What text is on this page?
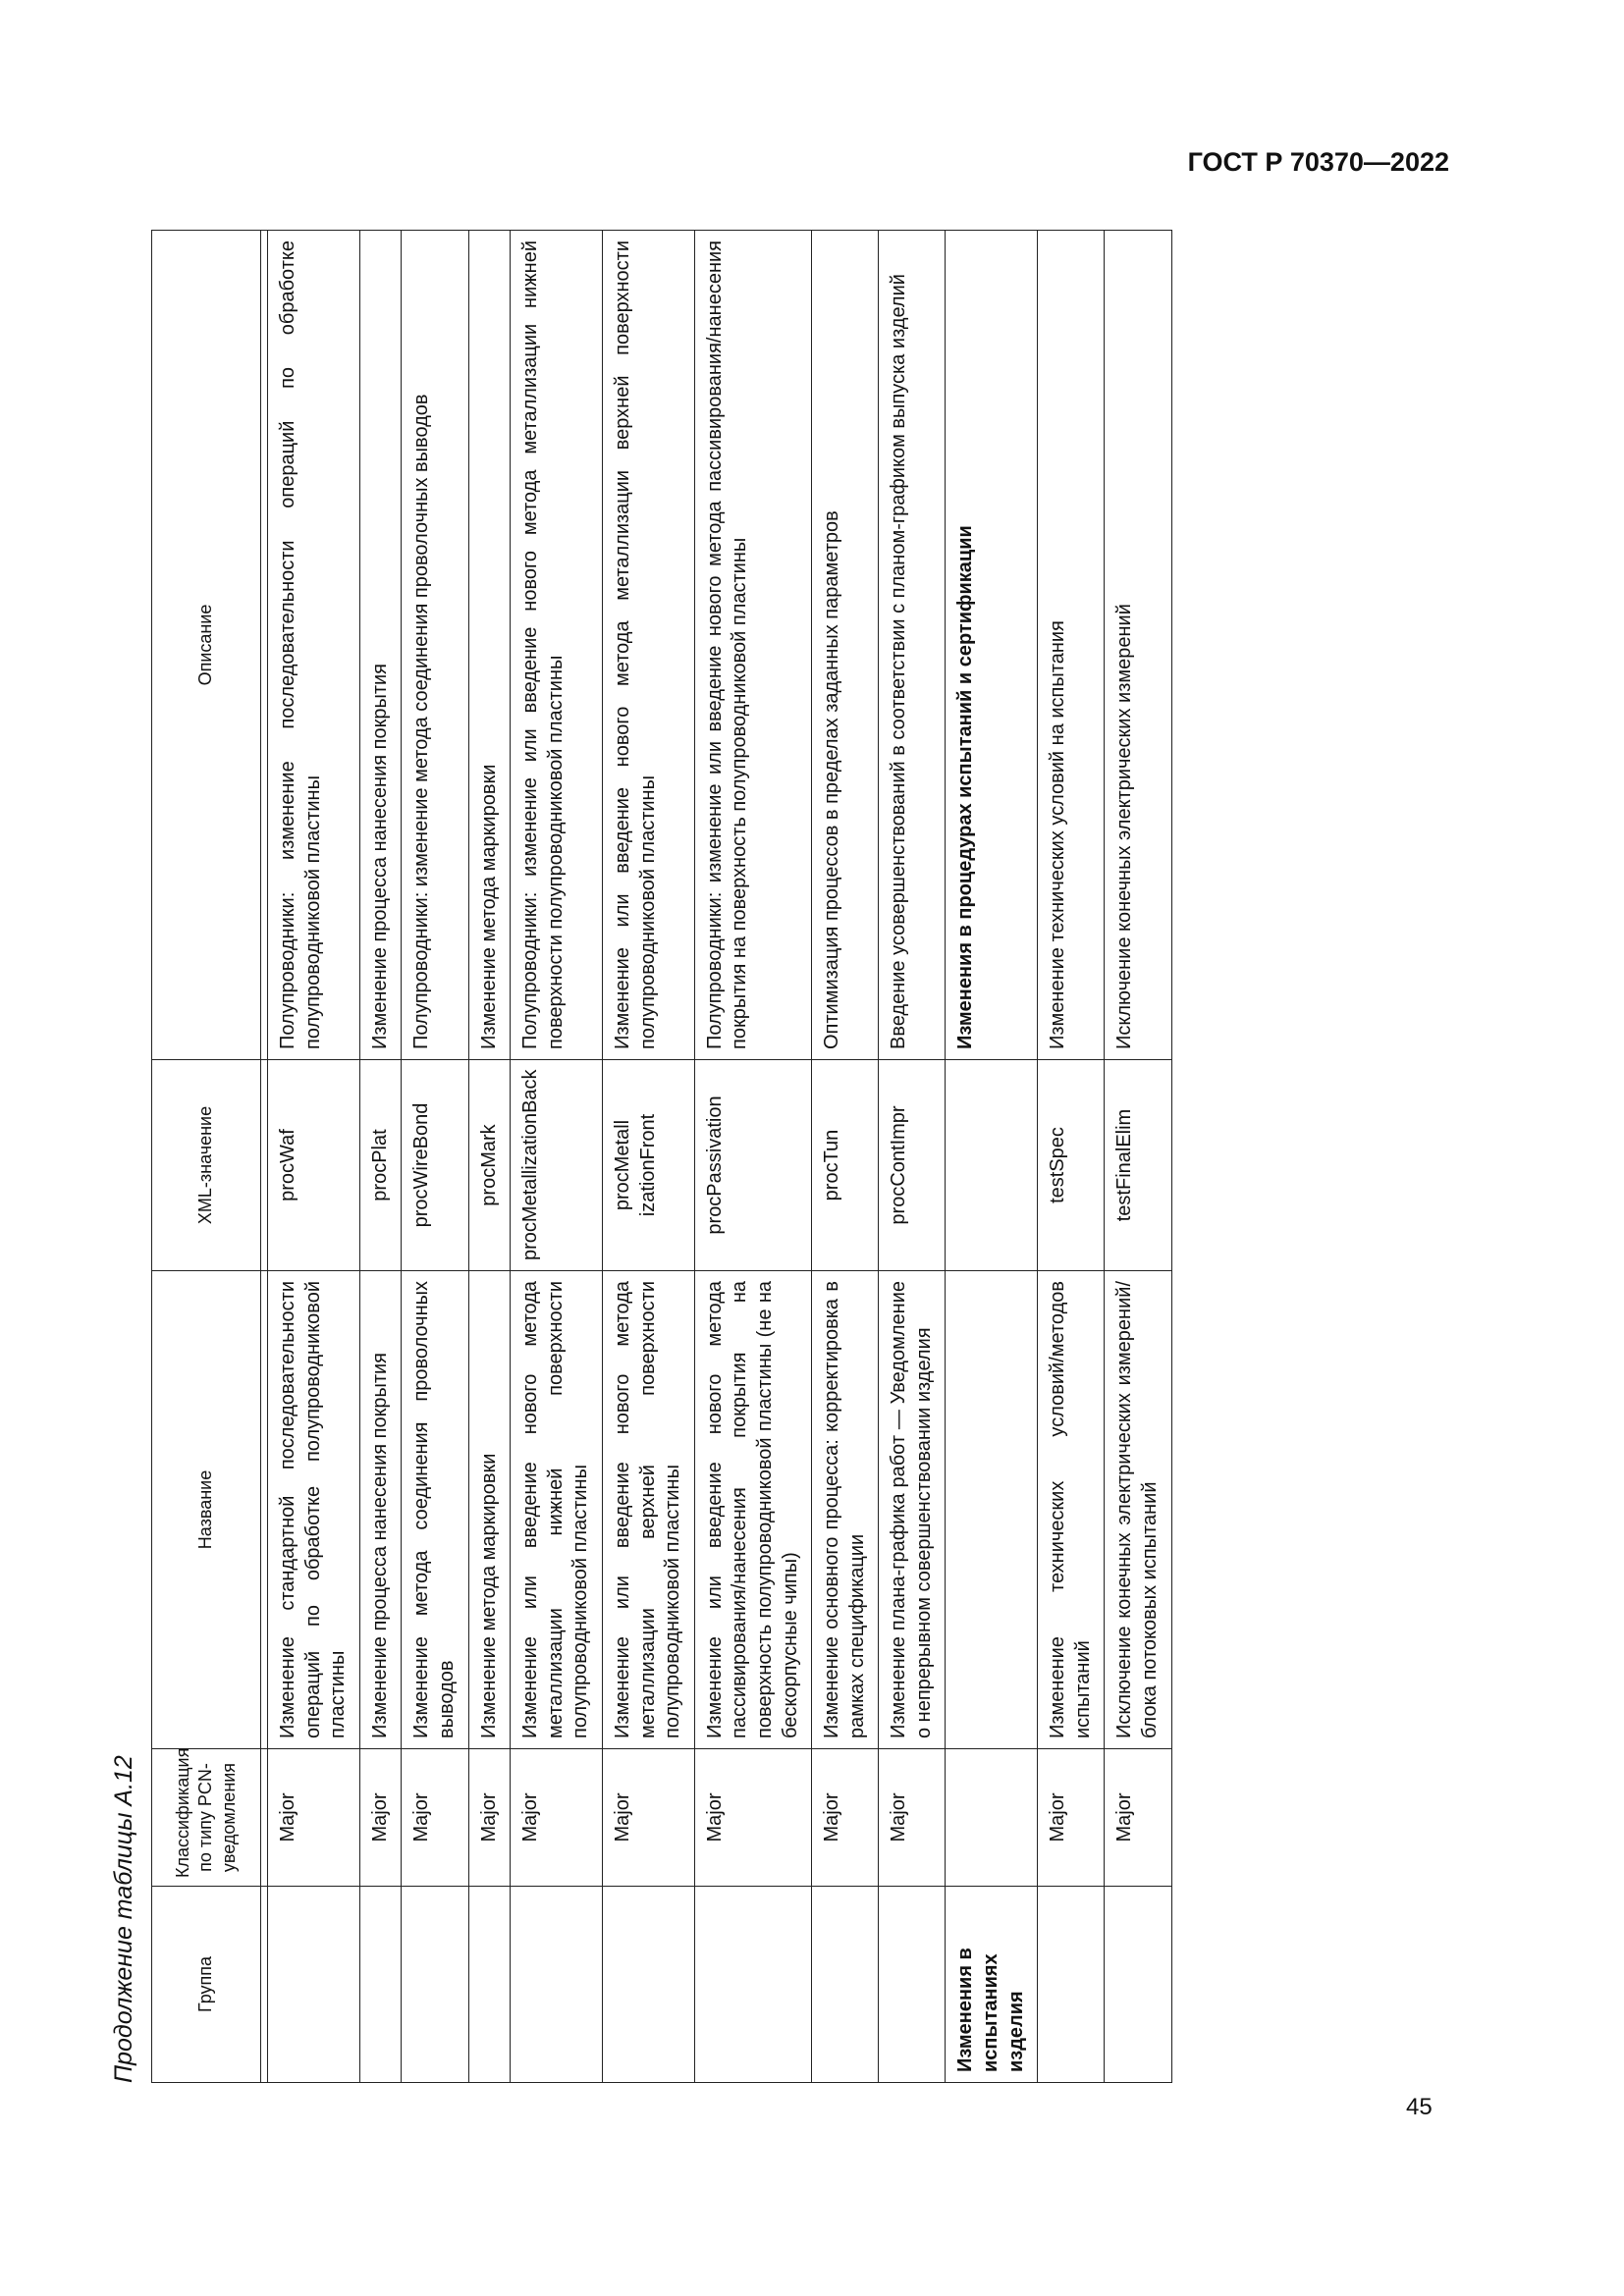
ГОСТ Р 70370—2022
Продолжение таблицы А.12	Группа	Классификация по типу PCN-уведомления	Название	XML-значение	Описание

	Major	Изменение стандартной последовательности операций по обработке полупроводниковой пластины	procWaf	Полупроводники: изменение последовательности операций по обработке полупроводниковой пластины
	Major	Изменение процесса нанесения покрытия	procPlat	Изменение процесса нанесения покрытия
	Major	Изменение метода соединения проволочных выводов	procWireBond	Полупроводники: изменение метода соединения проволочных выводов
	Major	Изменение метода маркировки	procMark	Изменение метода маркировки
	Major	Изменение или введение нового метода металлизации нижней поверхности полупроводниковой пластины	procMetallizationBack	Полупроводники: изменение или введение нового метода металлизации нижней поверхности полупроводниковой пластины
	Major	Изменение или введение нового метода металлизации верхней поверхности полупроводниковой пластины	procMetall izationFront	Изменение или введение нового метода металлизации верхней поверхности полупроводниковой пластины
	Major	Изменение или введение нового метода пассивирования/нанесения покрытия на поверхность полупроводниковой пластины (не на бескорпусные чипы)	procPassivation	Полупроводники: изменение или введение нового метода пассивирования/нанесения покрытия на поверхность полупроводниковой пластины
	Major	Изменение основного процесса: корректировка в рамках спецификации	procTun	Оптимизация процессов в пределах заданных параметров
	Major	Изменение плана-графика работ — Уведомление о непрерывном совершенствовании изделия	procContImpr	Введение усовершенствований в соответствии с планом-графиком выпуска изделий
Изменения в испытаниях изделия				Изменения в процедурах испытаний и сертификации
	Major	Изменение технических условий/методов испытаний	testSpec	Изменение технических условий на испытания
	Major	Исключение конечных электрических измерений/блока потоковых испытаний	testFinalElim	Исключение конечных электрических измерений
45
